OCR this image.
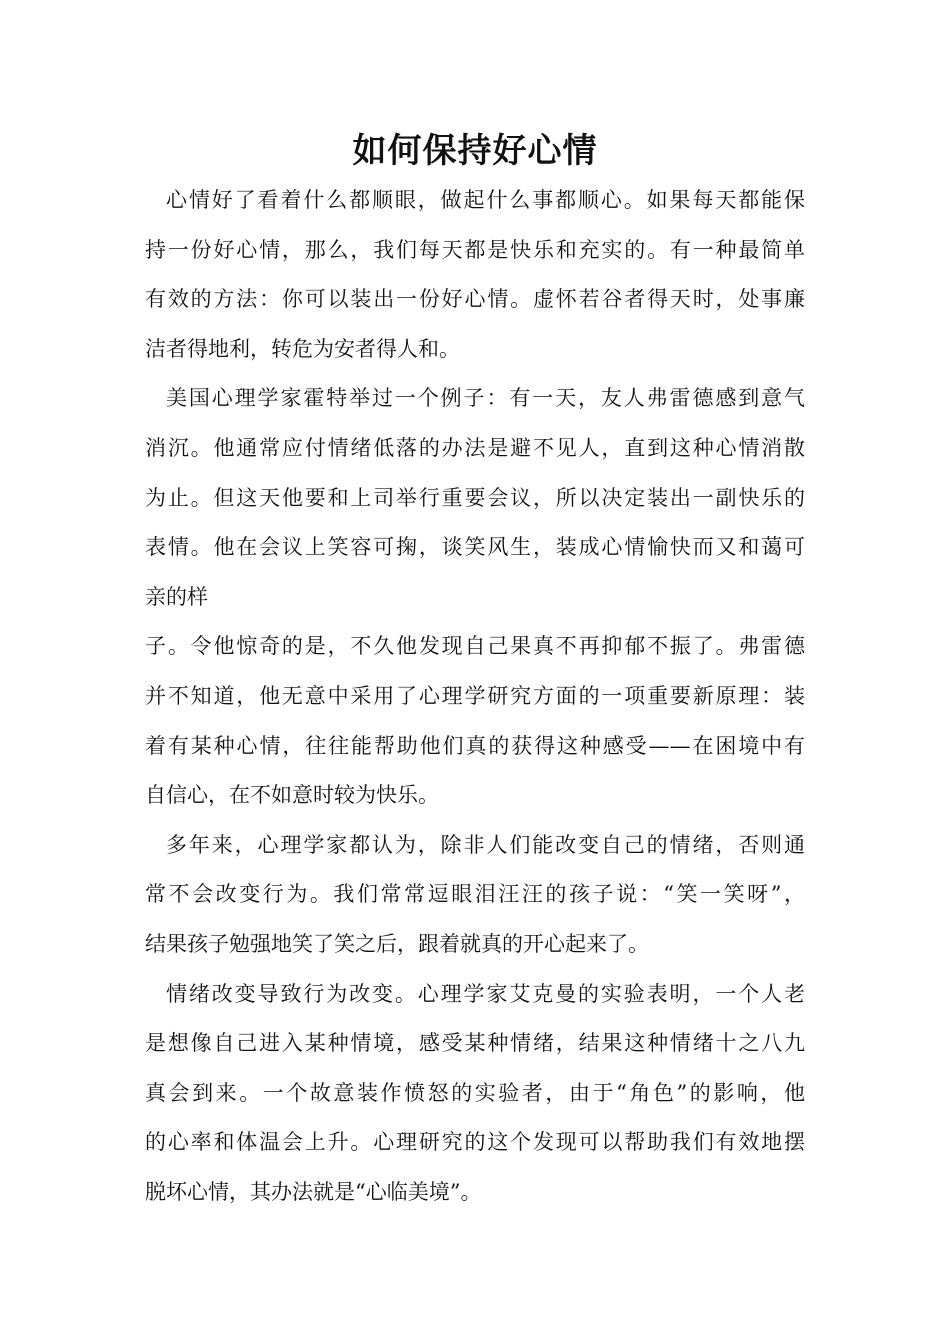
如何保持好心情
心情好了看着什么都顺眼，做起什么事都顺心。如果每天都能保
持一份好心情，那么，我们每天都是快乐和充实的。有一种最简单
有效的方法：你可以装出一份好心情。虚怀若谷者得天时，处事廉
洁者得地利，转危为安者得人和。
美国心理学家霍特举过一个例子：有一天，友人弗雷德感到意气
消沉。他通常应付情绪低落的办法是避不见人，直到这种心情消散
为止。但这天他要和上司举行重要会议，所以决定装出一副快乐的
表情。他在会议上笑容可掬，谈笑风生，装成心情愉快而又和蔼可
亲的样
子。令他惊奇的是，不久他发现自己果真不再抑郁不振了。弗雷德
并不知道，他无意中采用了心理学研究方面的一项重要新原理：装
着有某种心情，往往能帮助他们真的获得这种感受——在困境中有
自信心，在不如意时较为快乐。
多年来，心理学家都认为，除非人们能改变自己的情绪，否则通
常不会改变行为。我们常常逗眼泪汪汪的孩子说：“笑一笑呀”，
结果孩子勉强地笑了笑之后，跟着就真的开心起来了。
情绪改变导致行为改变。心理学家艾克曼的实验表明，一个人老
是想像自己进入某种情境，感受某种情绪，结果这种情绪十之八九
真会到来。一个故意装作愤怒的实验者，由于“角色”的影响，他
的心率和体温会上升。心理研究的这个发现可以帮助我们有效地摆
脱坏心情，其办法就是“心临美境”。
